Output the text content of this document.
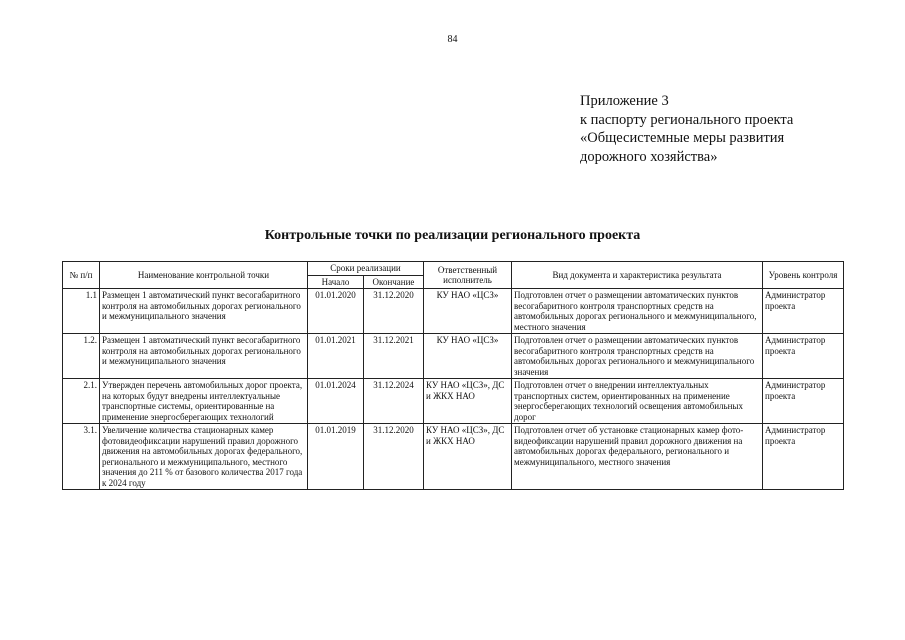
84
Приложение 3
к паспорту регионального проекта
«Общесистемные меры развития
дорожного хозяйства»
Контрольные точки по реализации регионального проекта
№ п/п	Наименование контрольной точки	Сроки реализации		Ответственный исполнитель	Вид документа и характеристика результата	Уровень контроля
		Начало	Окончание			
1.1	Размещен 1 автоматический пункт весогабаритного контроля на автомобильных дорогах регионального и межмуниципального значения	01.01.2020	31.12.2020	КУ НАО «ЦСЗ»	Подготовлен отчет о размещении автоматических пунктов весогабаритного контроля транспортных средств на автомобильных дорогах регионального и межмуниципального, местного значения	Администратор проекта
1.2.	Размещен 1 автоматический пункт весогабаритного контроля на автомобильных дорогах регионального и межмуниципального значения	01.01.2021	31.12.2021	КУ НАО «ЦСЗ»	Подготовлен отчет о размещении автоматических пунктов весогабаритного контроля транспортных средств на автомобильных дорогах регионального и межмуниципального значения	Администратор проекта
2.1.	Утвержден перечень автомобильных дорог проекта, на которых будут внедрены интеллектуальные транспортные системы, ориентированные на применение энергосберегающих технологий	01.01.2024	31.12.2024	КУ НАО «ЦСЗ», ДС и ЖКХ НАО	Подготовлен отчет о внедрении интеллектуальных транспортных систем, ориентированных на применение энергосберегающих технологий освещения автомобильных дорог	Администратор проекта
3.1.	Увеличение количества стационарных камер фотовидеофиксации нарушений правил дорожного движения на автомобильных дорогах федерального, регионального и межмуниципального, местного значения до 211 % от базового количества 2017 года к 2024 году	01.01.2019	31.12.2020	КУ НАО «ЦСЗ», ДС и ЖКХ НАО	Подготовлен отчет об установке стационарных камер фото-видеофиксации нарушений правил дорожного движения на автомобильных дорогах федерального, регионального и межмуниципального, местного значения	Администратор проекта
